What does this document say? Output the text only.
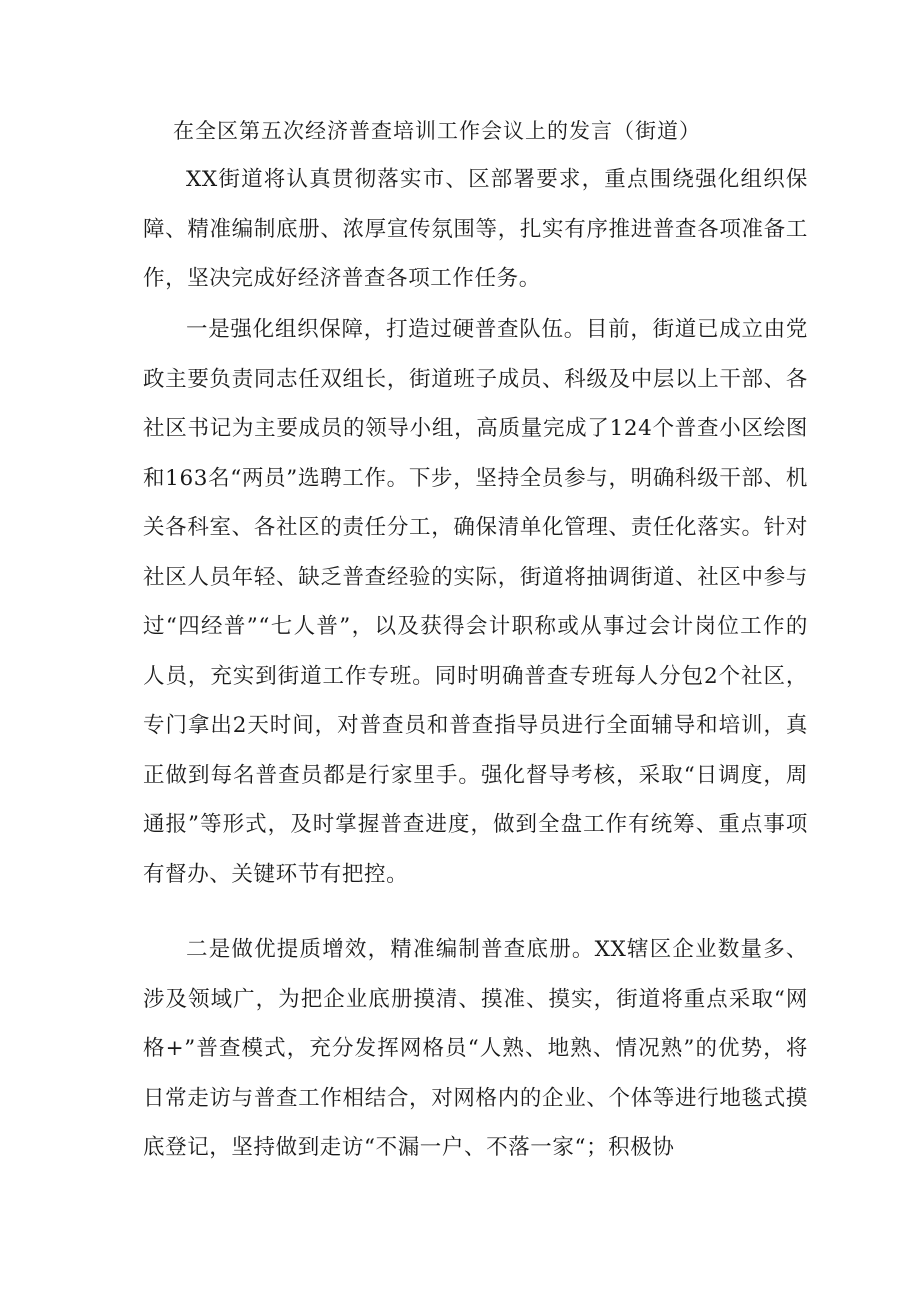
在全区第五次经济普查培训工作会议上的发言（街道）

XX街道将认真贯彻落实市、区部署要求，重点围绕强化组织保障、精准编制底册、浓厚宣传氛围等，扎实有序推进普查各项准备工作，坚决完成好经济普查各项工作任务。

一是强化组织保障，打造过硬普查队伍。目前，街道已成立由党政主要负责同志任双组长，街道班子成员、科级及中层以上干部、各社区书记为主要成员的领导小组，高质量完成了124个普查小区绘图和163名“两员”选聘工作。下步，坚持全员参与，明确科级干部、机关各科室、各社区的责任分工，确保清单化管理、责任化落实。针对社区人员年轻、缺乏普查经验的实际，街道将抽调街道、社区中参与过“四经普”“七人普”，以及获得会计职称或从事过会计岗位工作的人员，充实到街道工作专班。同时明确普查专班每人分包2个社区，专门拿出2天时间，对普查员和普查指导员进行全面辅导和培训，真正做到每名普查员都是行家里手。强化督导考核，采取“日调度，周通报”等形式，及时掌握普查进度，做到全盘工作有统筹、重点事项有督办、关键环节有把控。

二是做优提质增效，精准编制普查底册。XX辖区企业数量多、涉及领域广，为把企业底册摸清、摸准、摸实，街道将重点采取“网格+”普查模式，充分发挥网格员“人熟、地熟、情况熟”的优势，将日常走访与普查工作相结合，对网格内的企业、个体等进行地毯式摸底登记，坚持做到走访“不漏一户、不落一家“；积极协
